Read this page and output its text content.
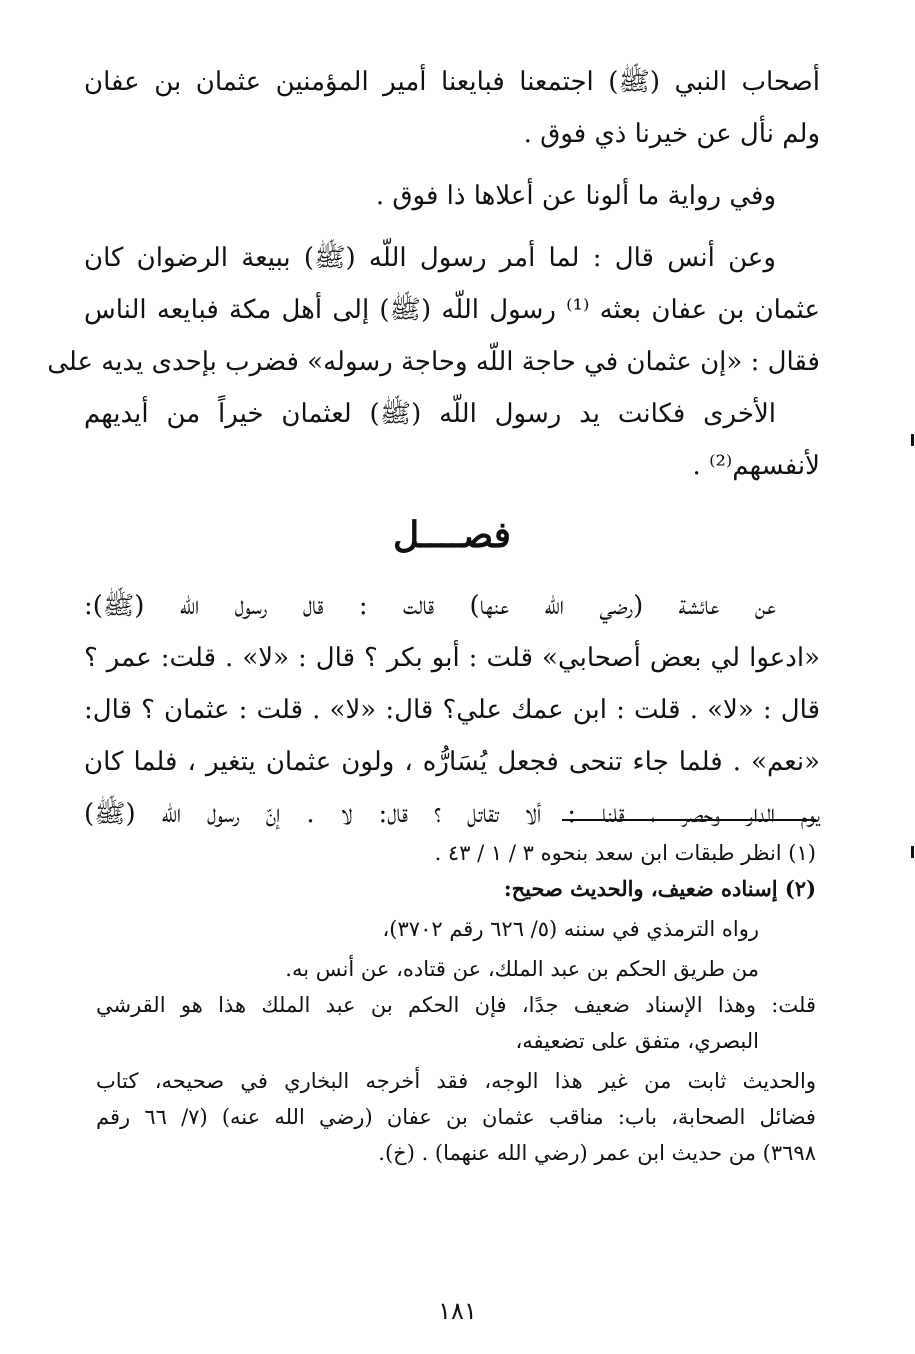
أصحاب النبي (ﷺ) اجتمعنا فبايعنا أمير المؤمنين عثمان بن عفان
ولم نأل عن خيرنا ذي فوق .
وفي رواية ما ألونا عن أعلاها ذا فوق .
وعن أنس قال : لما أمر رسول اللّه (ﷺ) ببيعة الرضوان كان
عثمان بن عفان بعثه ⁽¹⁾ رسول اللّه (ﷺ) إلى أهل مكة فبايعه الناس
فقال : «إن عثمان في حاجة اللّه وحاجة رسوله» فضرب بإحدى يديه على
الأخرى فكانت يد رسول اللّه (ﷺ) لعثمان خيراً من أيديهم
لأنفسهم⁽²⁾ .
فصــــل
عن عائشة (رضي اللّه عنها) قالت : قال رسول اللّه (ﷺ):
«ادعوا لي بعض أصحابي» قلت : أبو بكر ؟ قال : «لا» . قلت: عمر ؟
قال : «لا» . قلت : ابن عمك علي؟ قال: «لا» . قلت : عثمان ؟ قال:
«نعم» . فلما جاء تنحى فجعل يُسَارُّه ، ولون عثمان يتغير ، فلما كان
يوم الدار وحصر ، قلنا : ألا تقاتل ؟ قال: لا . إنّ رسول الله (ﷺ)
(١) انظر طبقات ابن سعد بنحوه ٣ / ١ / ٤٣ .
(٢) إسناده ضعيف، والحديث صحيح:
رواه الترمذي في سننه (٥/ ٦٢٦ رقم ٣٧٠٢)،
من طريق الحكم بن عبد الملك، عن قتاده، عن أنس به.
قلت: وهذا الإسناد ضعيف جدًا، فإن الحكم بن عبد الملك هذا هو القرشي
البصري، متفق على تضعيفه،
والحديث ثابت من غير هذا الوجه، فقد أخرجه البخاري في صحيحه، كتاب
فضائل الصحابة، باب: مناقب عثمان بن عفان (رضي الله عنه) (٧/ ٦٦ رقم
٣٦٩٨) من حديث ابن عمر (رضي الله عنهما) . (خ).
١٨١
